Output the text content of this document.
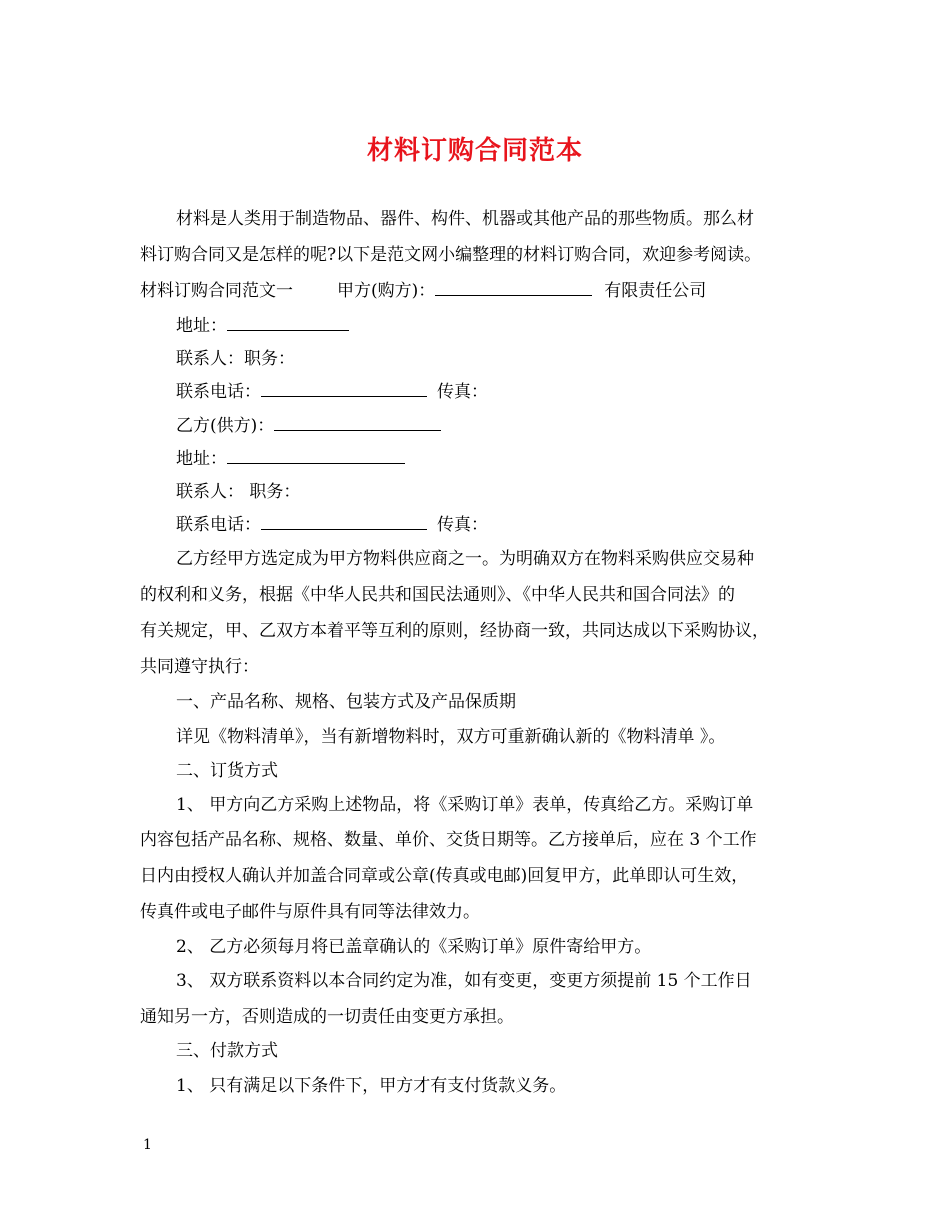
材料订购合同范本
材料是人类用于制造物品、器件、构件、机器或其他产品的那些物质。那么材
料订购合同又是怎样的呢?以下是范文网小编整理的材料订购合同，欢迎参考阅读。
材料订购合同范文一	甲方(购方)：	有限责任公司
地址：
联系人：职务：
联系电话：	传真：
乙方(供方)：
地址：
联系人： 职务：
联系电话：	传真：
乙方经甲方选定成为甲方物料供应商之一。为明确双方在物料采购供应交易种
的权利和义务，根据《中华人民共和国民法通则》、《中华人民共和国合同法》的
有关规定，甲、乙双方本着平等互利的原则，经协商一致，共同达成以下采购协议，
共同遵守执行：
一、产品名称、规格、包装方式及产品保质期
详见《物料清单》，当有新增物料时，双方可重新确认新的《物料清单 》。
二、订货方式
1、 甲方向乙方采购上述物品，将《采购订单》表单，传真给乙方。采购订单
内容包括产品名称、规格、数量、单价、交货日期等。乙方接单后，应在 3 个工作
日内由授权人确认并加盖合同章或公章(传真或电邮)回复甲方，此单即认可生效，
传真件或电子邮件与原件具有同等法律效力。
2、 乙方必须每月将已盖章确认的《采购订单》原件寄给甲方。
3、 双方联系资料以本合同约定为准，如有变更，变更方须提前 15 个工作日
通知另一方，否则造成的一切责任由变更方承担。
三、付款方式
1、 只有满足以下条件下，甲方才有支付货款义务。
1
